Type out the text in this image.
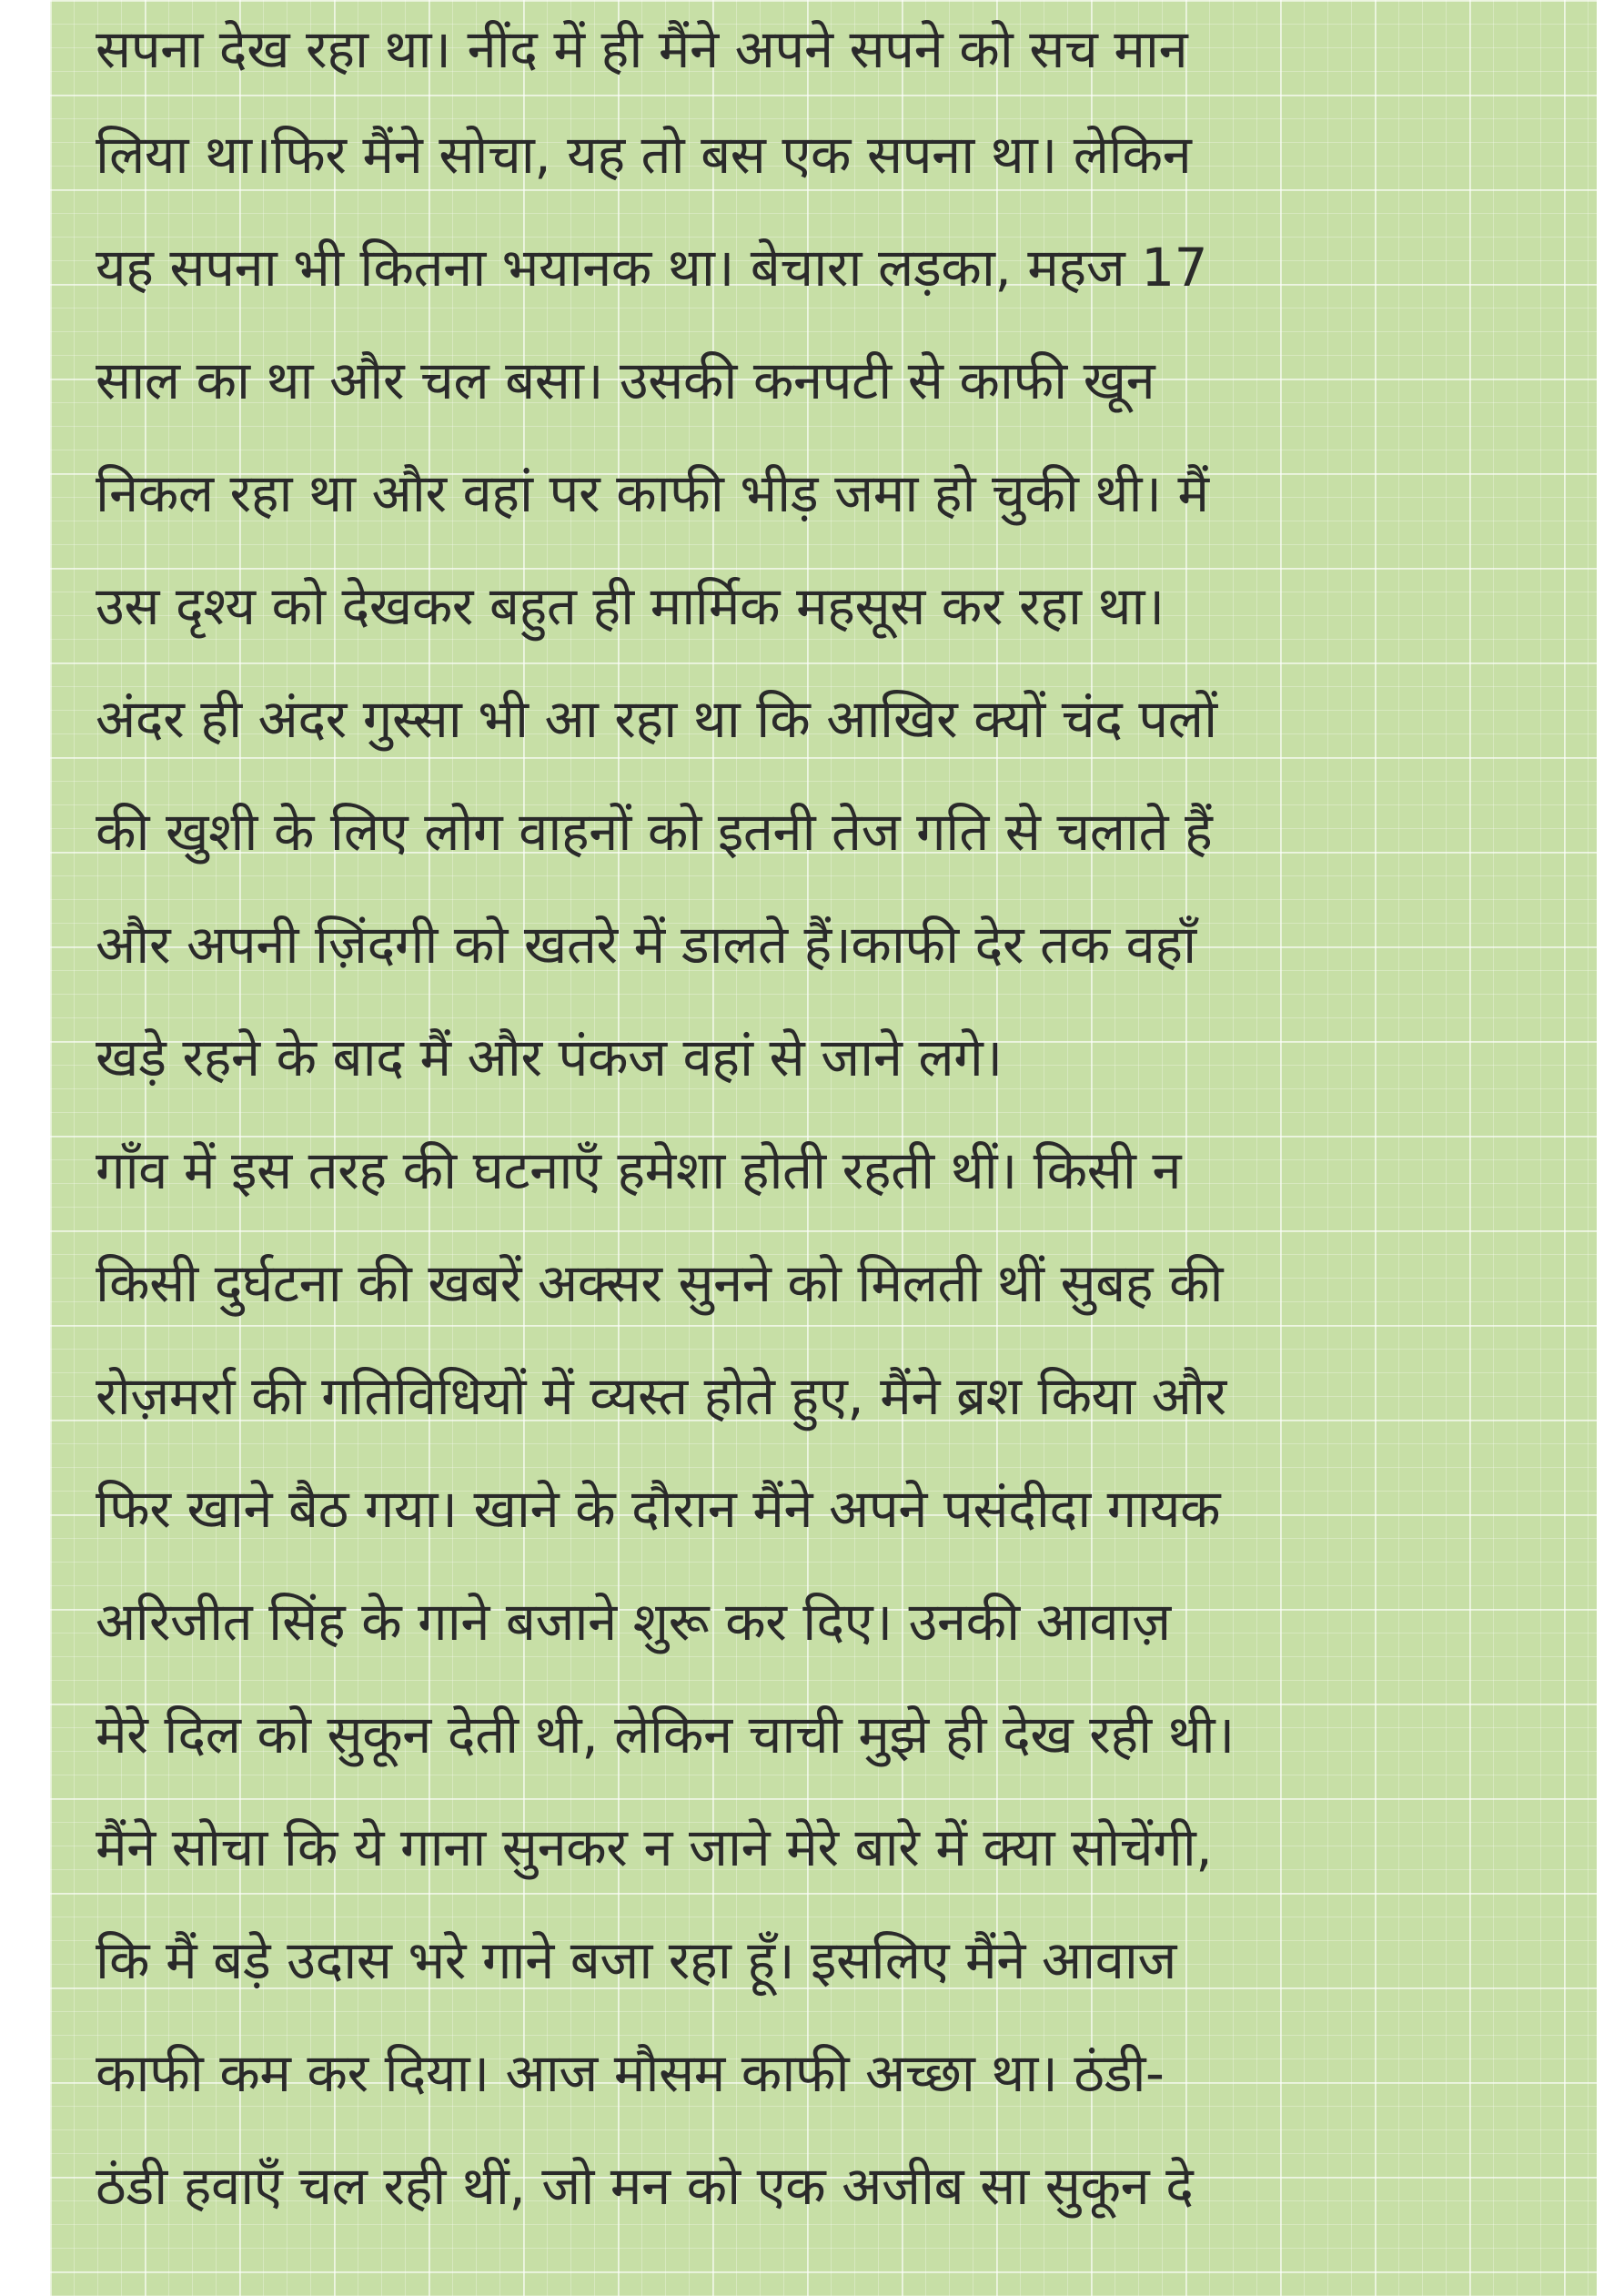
सपना देख रहा था। नींद में ही मैंने अपने सपने को सच मान
लिया था।फिर मैंने सोचा, यह तो बस एक सपना था। लेकिन
यह सपना भी कितना भयानक था। बेचारा लड़का, महज 17
साल का था और चल बसा। उसकी कनपटी से काफी खून
निकल रहा था और वहां पर काफी भीड़ जमा हो चुकी थी। मैं
उस दृश्य को देखकर बहुत ही मार्मिक महसूस कर रहा था।
अंदर ही अंदर गुस्सा भी आ रहा था कि आखिर क्यों चंद पलों
की खुशी के लिए लोग वाहनों को इतनी तेज गति से चलाते हैं
और अपनी ज़िंदगी को खतरे में डालते हैं।काफी देर तक वहाँ
खड़े रहने के बाद मैं और पंकज वहां से जाने लगे।
गाँव में इस तरह की घटनाएँ हमेशा होती रहती थीं। किसी न
किसी दुर्घटना की खबरें अक्सर सुनने को मिलती थीं सुबह की
रोज़मर्रा की गतिविधियों में व्यस्त होते हुए, मैंने ब्रश किया और
फिर खाने बैठ गया। खाने के दौरान मैंने अपने पसंदीदा गायक
अरिजीत सिंह के गाने बजाने शुरू कर दिए। उनकी आवाज़
मेरे दिल को सुकून देती थी, लेकिन चाची मुझे ही देख रही थी।
मैंने सोचा कि ये गाना सुनकर न जाने मेरे बारे में क्या सोचेंगी,
कि मैं बड़े उदास भरे गाने बजा रहा हूँ। इसलिए मैंने आवाज
काफी कम कर दिया। आज मौसम काफी अच्छा था। ठंडी-
ठंडी हवाएँ चल रही थीं, जो मन को एक अजीब सा सुकून दे
